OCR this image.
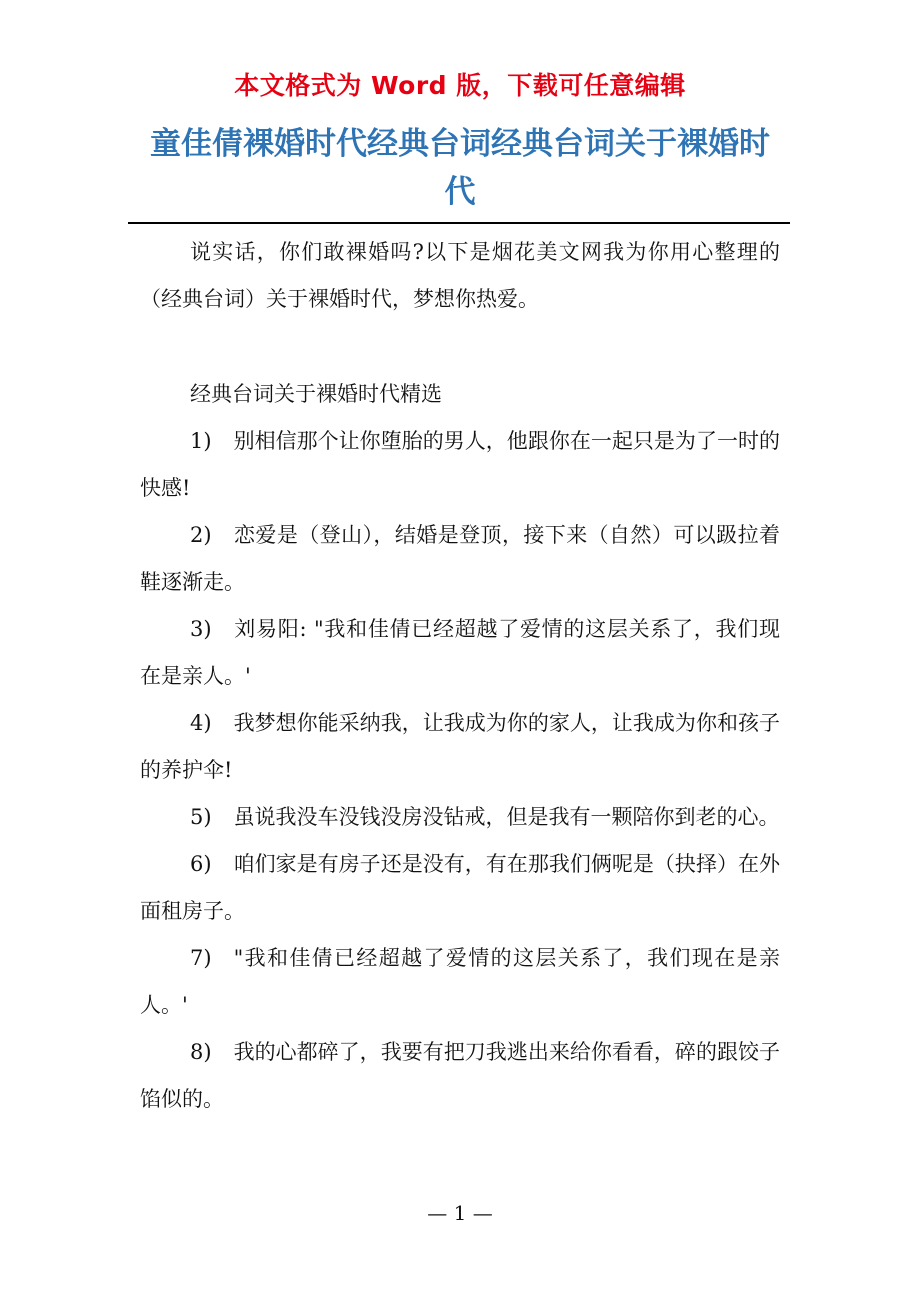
本文格式为 Word 版，下载可任意编辑
童佳倩裸婚时代经典台词经典台词关于裸婚时代

说实话，你们敢裸婚吗?以下是烟花美文网我为你用心整理的（经典台词）关于裸婚时代，梦想你热爱。

经典台词关于裸婚时代精选

1) 别相信那个让你堕胎的男人，他跟你在一起只是为了一时的快感!

2) 恋爱是（登山），结婚是登顶，接下来（自然）可以趿拉着鞋逐渐走。

3) 刘易阳: "我和佳倩已经超越了爱情的这层关系了，我们现在是亲人。'

4) 我梦想你能采纳我，让我成为你的家人，让我成为你和孩子的养护伞!

5) 虽说我没车没钱没房没钻戒，但是我有一颗陪你到老的心。

6) 咱们家是有房子还是没有，有在那我们俩呢是（抉择）在外面租房子。

7) "我和佳倩已经超越了爱情的这层关系了，我们现在是亲人。'

8) 我的心都碎了，我要有把刀我逃出来给你看看，碎的跟饺子馅似的。

— 1 —
